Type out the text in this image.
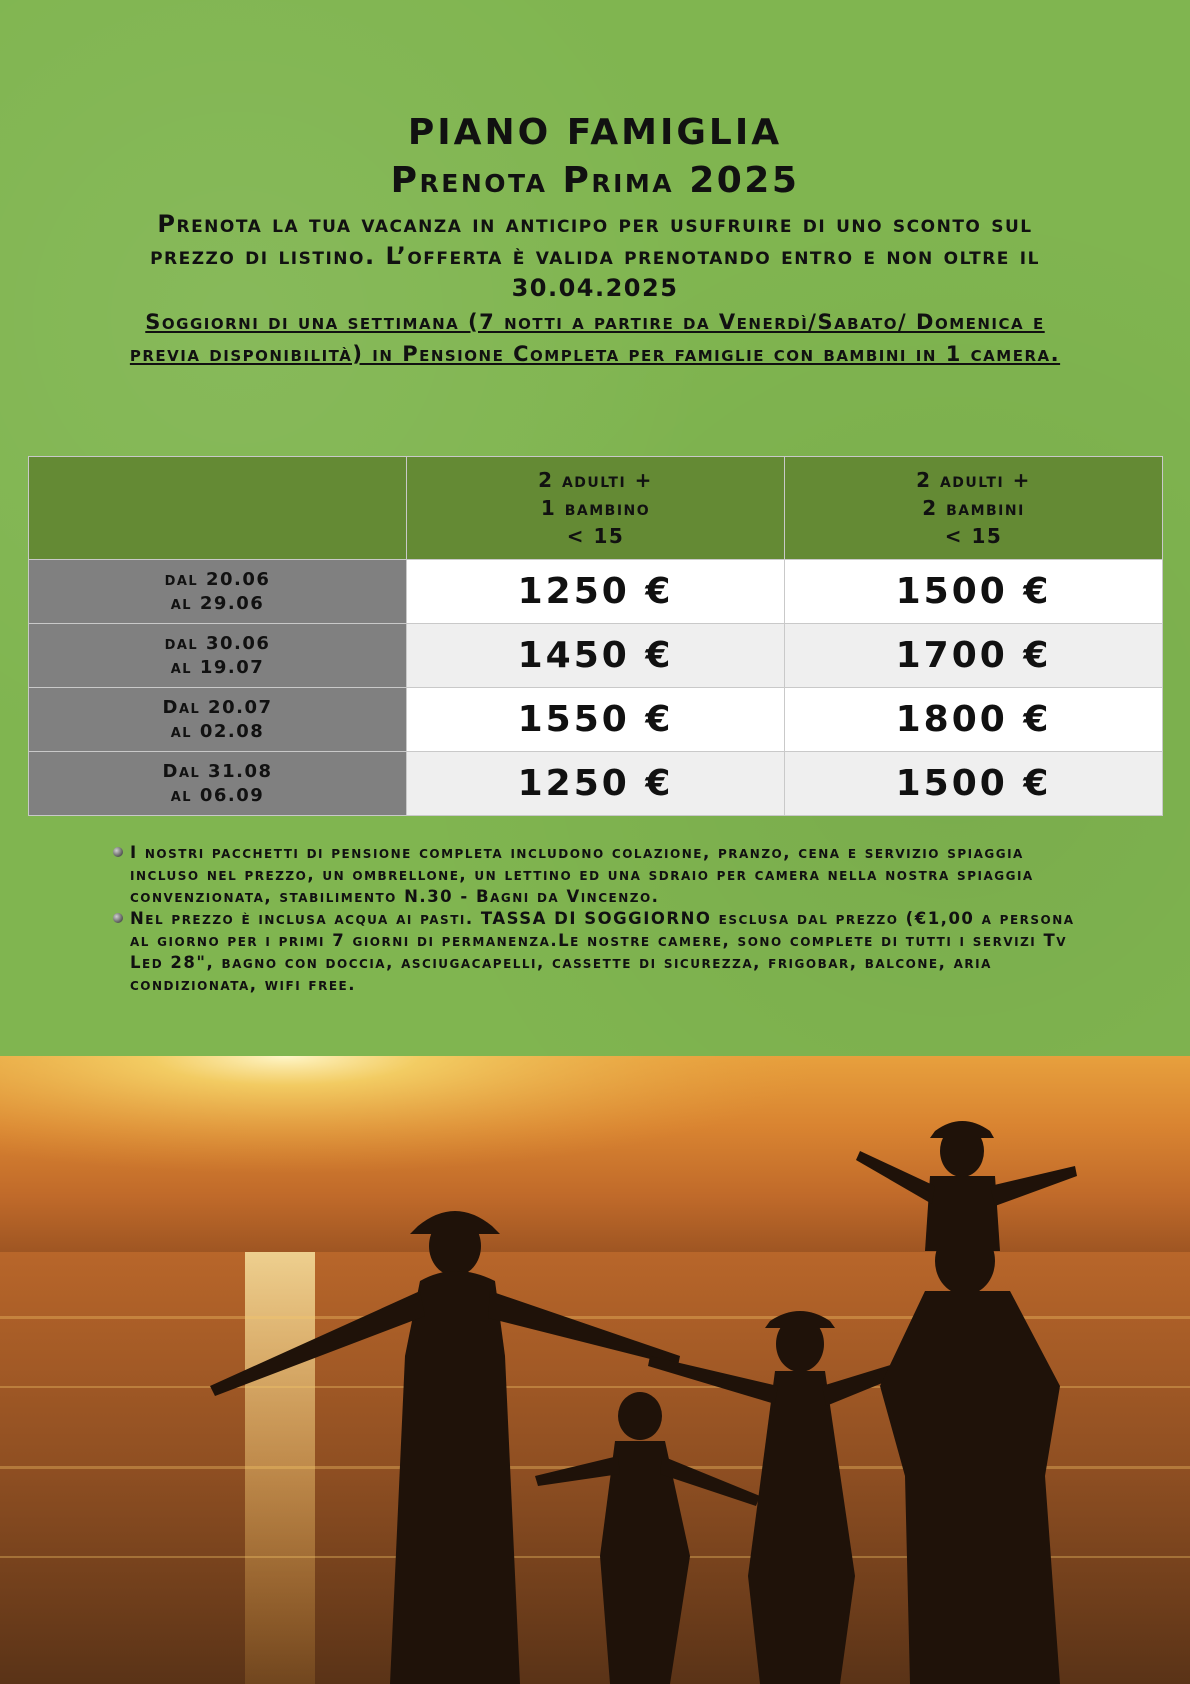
PIANO FAMIGLIA
Prenota Prima 2025

Prenota la tua vacanza in anticipo per usufruire di uno sconto sul prezzo di listino. L’offerta è valida prenotando entro e non oltre il 30.04.2025

Soggiorni di una settimana (7 notti a partire da Venerdì/Sabato/ Domenica e previa disponibilità) in Pensione Completa per famiglie con bambini in 1 camera.

	2 adulti +
1 bambino
< 15	2 adulti +
2 bambini
< 15

dal 20.06
al 29.06	1250 €	1500 €

dal 30.06
al 19.07	1450 €	1700 €

Dal 20.07
al 02.08	1550 €	1800 €

Dal 31.08
al 06.09	1250 €	1500 €
I nostri pacchetti di pensione completa includono colazione, pranzo, cena e servizio spiaggia incluso nel prezzo, un ombrellone, un lettino ed una sdraio per camera nella nostra spiaggia convenzionata, stabilimento N.30 - Bagni da Vincenzo.
Nel prezzo è inclusa acqua ai pasti. TASSA DI SOGGIORNO esclusa dal prezzo (€1,00 a persona al giorno per i primi 7 giorni di permanenza.Le nostre camere, sono complete di tutti i servizi Tv Led 28", bagno con doccia, asciugacapelli, cassette di sicurezza, frigobar, balcone, aria condizionata, wifi free.
